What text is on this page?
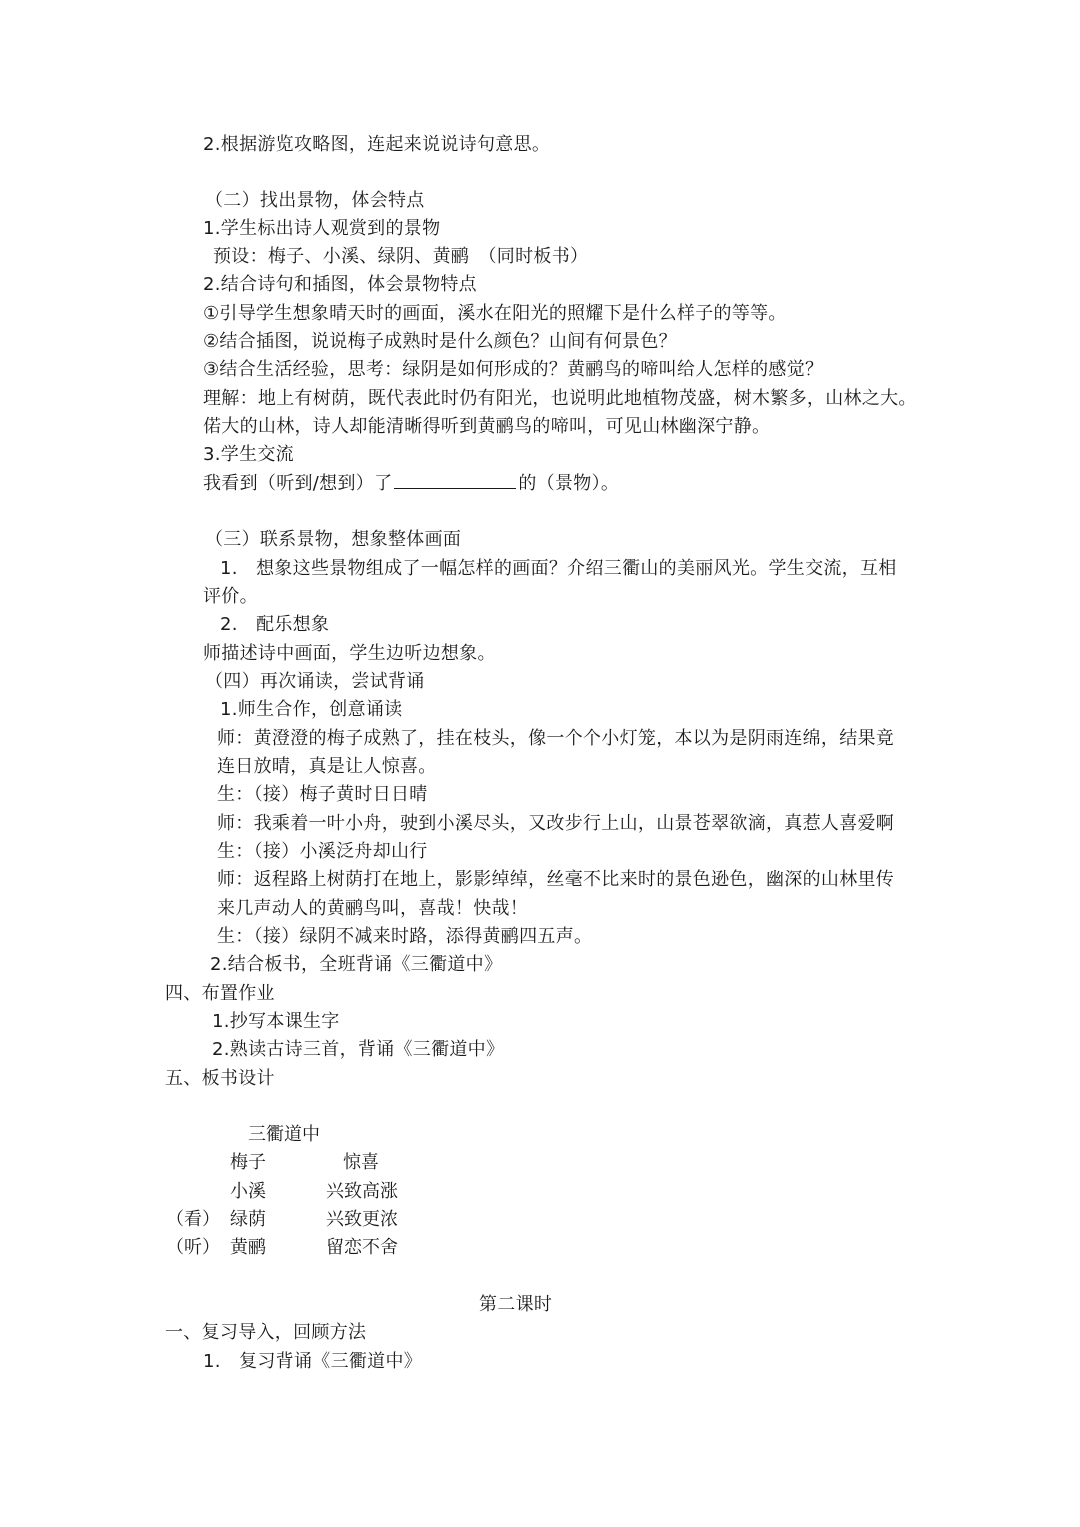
2.根据游览攻略图，连起来说说诗句意思。
（二）找出景物，体会特点
1.学生标出诗人观赏到的景物
预设：梅子、小溪、绿阴、黄鹂　（同时板书）
2.结合诗句和插图，体会景物特点
①引导学生想象晴天时的画面，溪水在阳光的照耀下是什么样子的等等。
②结合插图，说说梅子成熟时是什么颜色？山间有何景色？
③结合生活经验，思考：绿阴是如何形成的？黄鹂鸟的啼叫给人怎样的感觉？
理解：地上有树荫，既代表此时仍有阳光，也说明此地植物茂盛，树木繁多，山林之大。
偌大的山林，诗人却能清晰得听到黄鹂鸟的啼叫，可见山林幽深宁静。
3.学生交流
我看到（听到/想到）了	的（景物）。
（三）联系景物，想象整体画面
1.　想象这些景物组成了一幅怎样的画面？介绍三衢山的美丽风光。学生交流，互相
评价。
2.　配乐想象
师描述诗中画面，学生边听边想象。
（四）再次诵读，尝试背诵
1.师生合作，创意诵读
师：黄澄澄的梅子成熟了，挂在枝头，像一个个小灯笼，本以为是阴雨连绵，结果竟
连日放晴，真是让人惊喜。
生：（接）梅子黄时日日晴
师：我乘着一叶小舟，驶到小溪尽头，又改步行上山，山景苍翠欲滴，真惹人喜爱啊
生：（接）小溪泛舟却山行
师：返程路上树荫打在地上，影影绰绰，丝毫不比来时的景色逊色，幽深的山林里传
来几声动人的黄鹂鸟叫，喜哉！快哉！
生：（接）绿阴不减来时路，添得黄鹂四五声。
2.结合板书，全班背诵《三衢道中》
四、布置作业
1.抄写本课生字
2.熟读古诗三首，背诵《三衢道中》
五、板书设计
三衢道中
梅子	惊喜
小溪	兴致高涨
（看） 绿荫	兴致更浓
（听） 黄鹂	留恋不舍
第二课时
一、复习导入，回顾方法
1.　复习背诵《三衢道中》
